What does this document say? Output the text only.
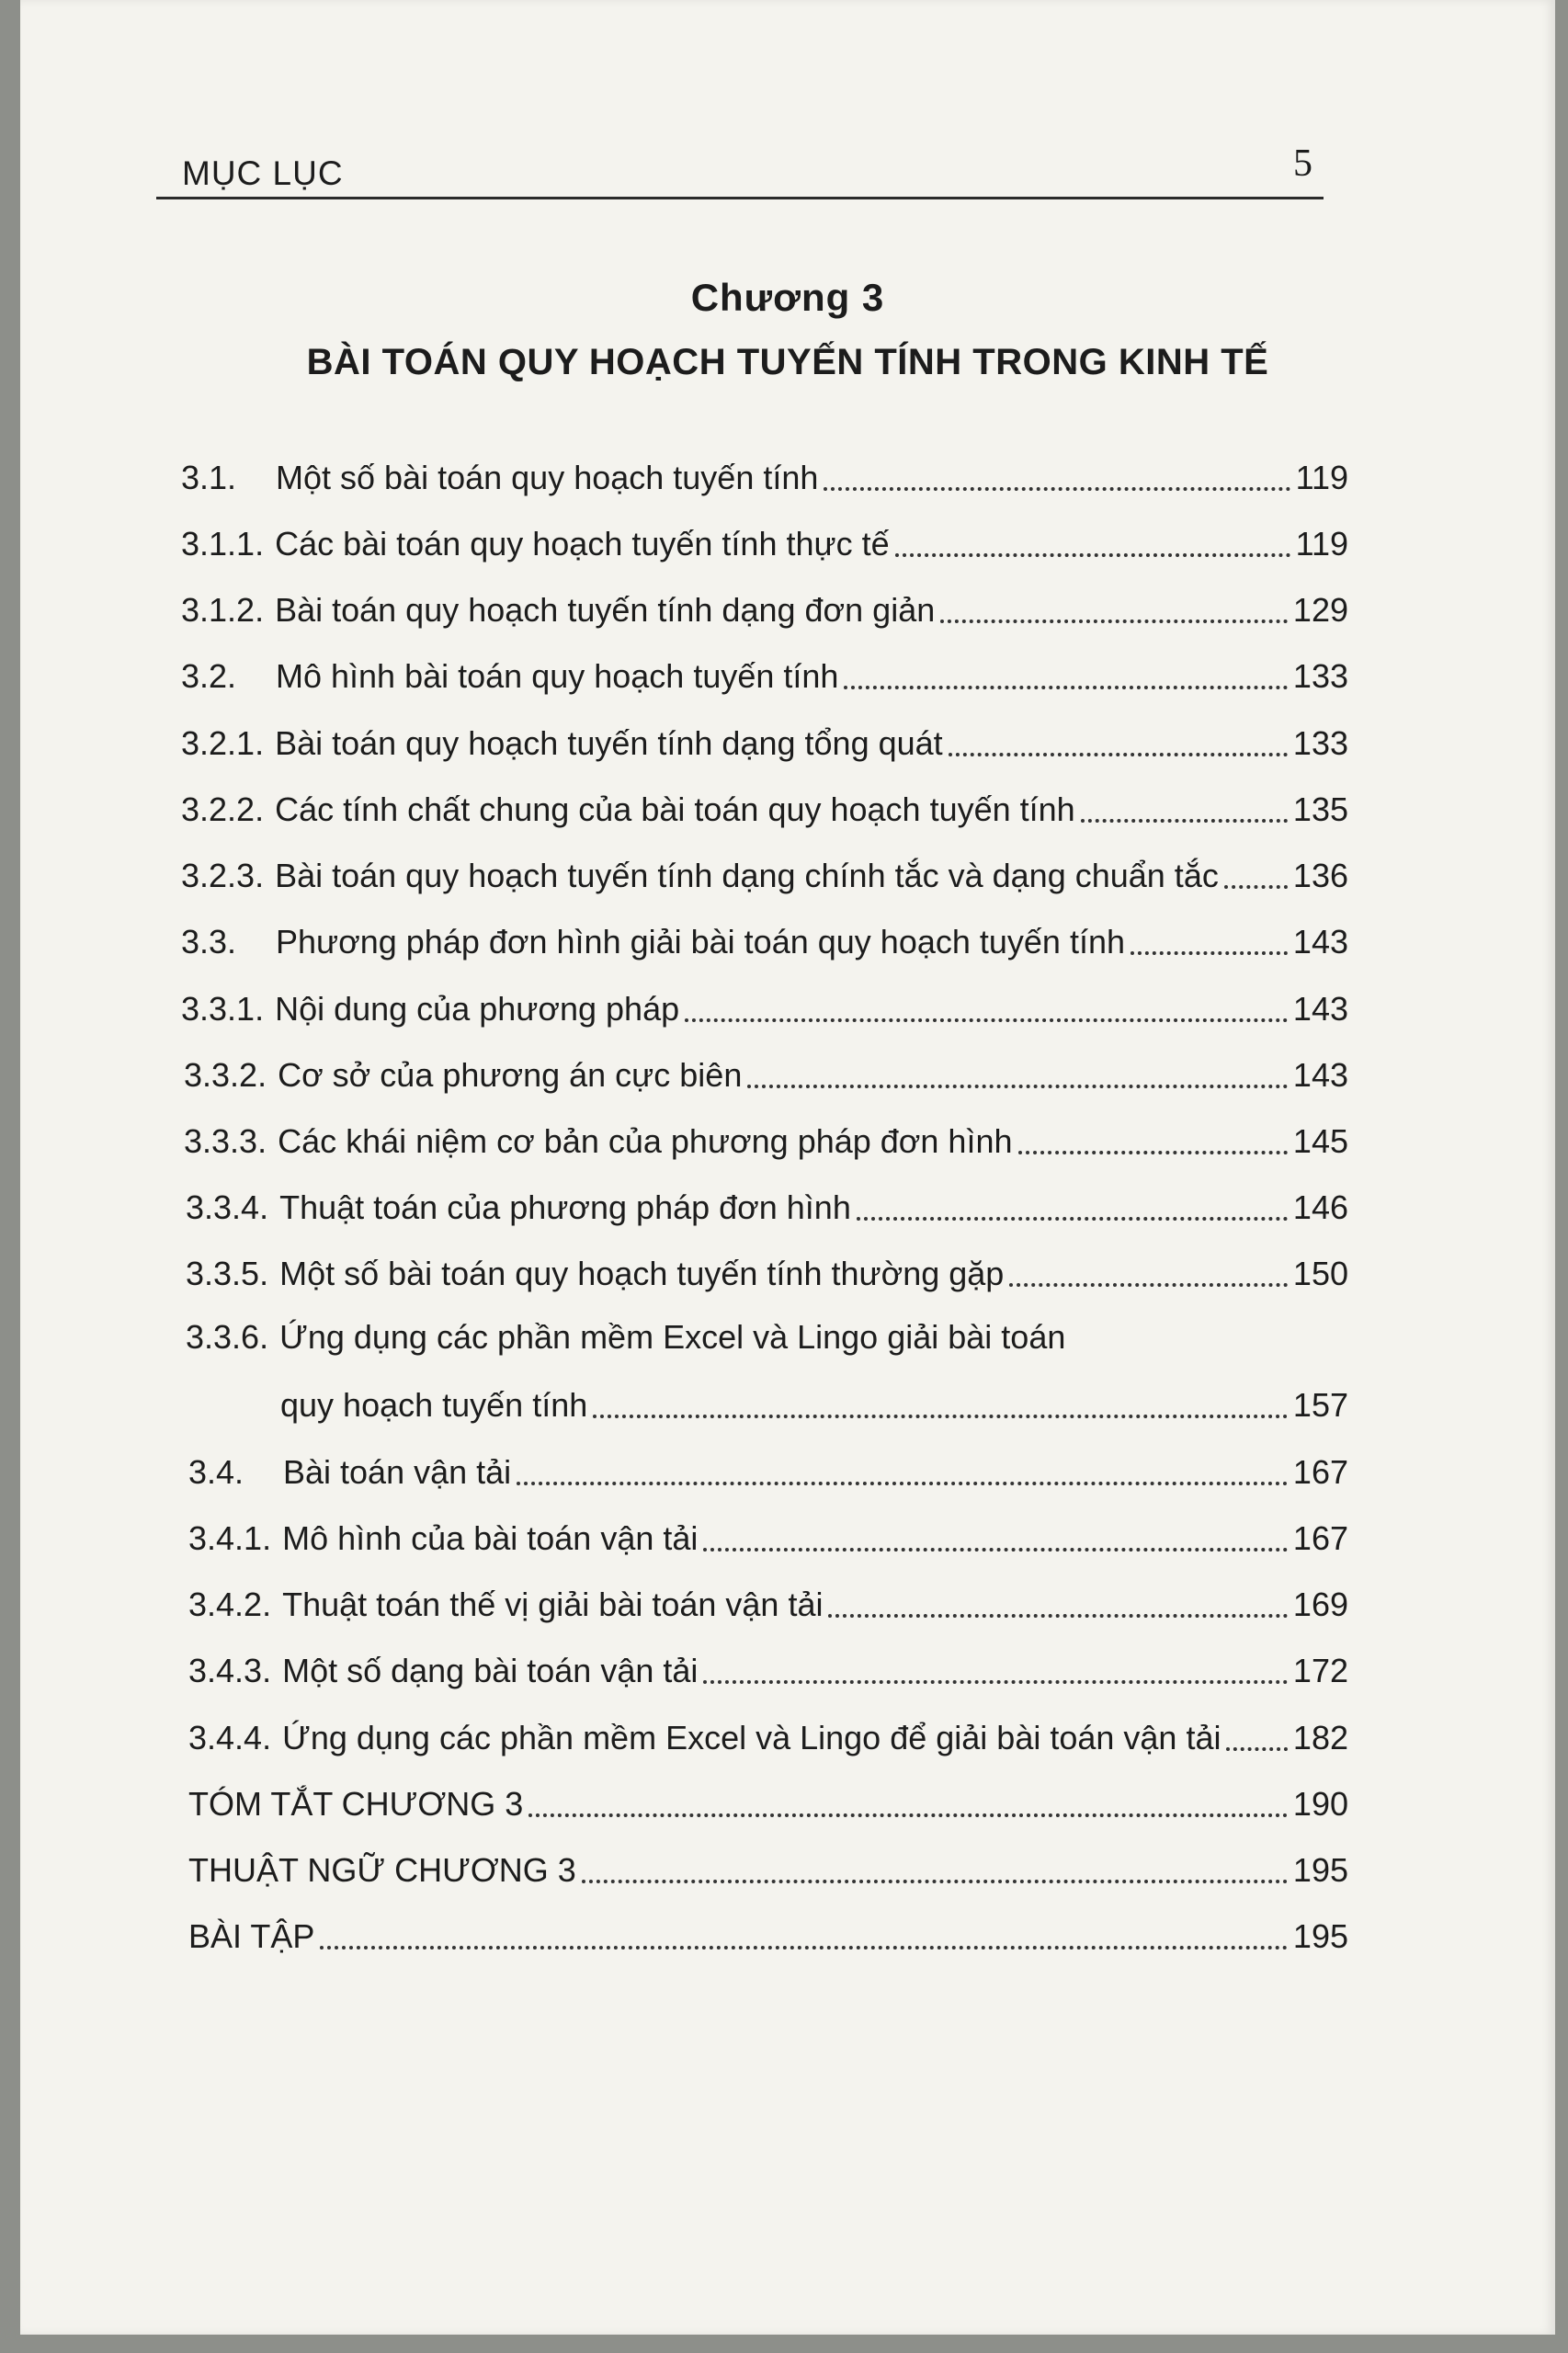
MỤC LỤC	5
Chương 3
BÀI TOÁN QUY HOẠCH TUYẾN TÍNH TRONG KINH TẾ
3.1.	Một số bài toán quy hoạch tuyến tính	119
3.1.1. Các bài toán quy hoạch tuyến tính thực tế	119
3.1.2. Bài toán quy hoạch tuyến tính dạng đơn giản	129
3.2.	Mô hình bài toán quy hoạch tuyến tính	133
3.2.1. Bài toán quy hoạch tuyến tính dạng tổng quát	133
3.2.2. Các tính chất chung của bài toán quy hoạch tuyến tính	135
3.2.3. Bài toán quy hoạch tuyến tính dạng chính tắc và dạng chuẩn tắc 136
3.3.	Phương pháp đơn hình giải bài toán quy hoạch tuyến tính	143
3.3.1. Nội dung của phương pháp	143
3.3.2. Cơ sở của phương án cực biên	143
3.3.3. Các khái niệm cơ bản của phương pháp đơn hình	145
3.3.4. Thuật toán của phương pháp đơn hình	146
3.3.5. Một số bài toán quy hoạch tuyến tính thường gặp	150
3.3.6. Ứng dụng các phần mềm Excel và Lingo giải bài toán
quy hoạch tuyến tính	157
3.4.	Bài toán vận tải	167
3.4.1. Mô hình của bài toán vận tải	167
3.4.2. Thuật toán thế vị giải bài toán vận tải	169
3.4.3. Một số dạng bài toán vận tải	172
3.4.4. Ứng dụng các phần mềm Excel và Lingo để giải bài toán vận tải 182
TÓM TẮT CHƯƠNG 3	190
THUẬT NGỮ CHƯƠNG 3	195
BÀI TẬP	195
